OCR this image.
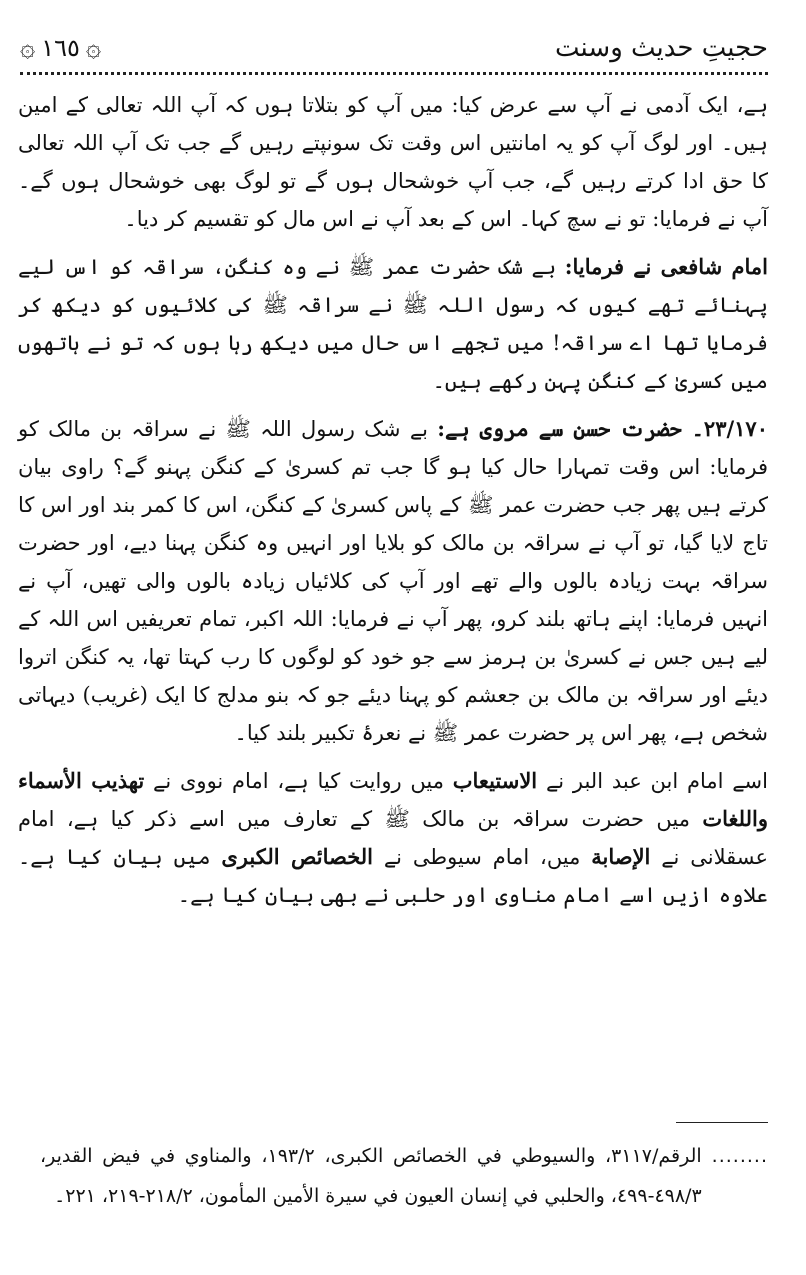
حجیتِ حدیث وسنت
۞ ١٦٥ ۞

ہے، ایک آدمی نے آپ سے عرض کیا: میں آپ کو بتلاتا ہوں کہ آپ اللہ تعالی کے امین ہیں۔ اور لوگ آپ کو یہ امانتیں اس وقت تک سونپتے رہیں گے جب تک آپ اللہ تعالی کا حق ادا کرتے رہیں گے، جب آپ خوشحال ہوں گے تو لوگ بھی خوشحال ہوں گے۔ آپ نے فرمایا: تو نے سچ کہا۔ اس کے بعد آپ نے اس مال کو تقسیم کر دیا۔

امام شافعی نے فرمایا: بے شک حضرت عمر ﷺ نے وہ کنگن، سراقہ کو اس لیے پہنائے تھے کیوں کہ رسول اللہ ﷺ نے سراقہ ﷺ کی کلائیوں کو دیکھ کر فرمایا تھا اے سراقہ! میں تجھے اس حال میں دیکھ رہا ہوں کہ تو نے ہاتھوں میں کسریٰ کے کنگن پہن رکھے ہیں۔

٢٣/١٧٠۔ حضرت حسن سے مروی ہے: بے شک رسول اللہ ﷺ نے سراقہ بن مالک کو فرمایا: اس وقت تمہارا حال کیا ہو گا جب تم کسریٰ کے کنگن پہنو گے؟ راوی بیان کرتے ہیں پھر جب حضرت عمر ﷺ کے پاس کسریٰ کے کنگن، اس کا کمر بند اور اس کا تاج لایا گیا، تو آپ نے سراقہ بن مالک کو بلایا اور انہیں وہ کنگن پہنا دیے، اور حضرت سراقہ بہت زیادہ بالوں والے تھے اور آپ کی کلائیاں زیادہ بالوں والی تھیں، آپ نے انہیں فرمایا: اپنے ہاتھ بلند کرو، پھر آپ نے فرمایا: اللہ اکبر، تمام تعریفیں اس اللہ کے لیے ہیں جس نے کسریٰ بن ہرمز سے جو خود کو لوگوں کا رب کہتا تھا، یہ کنگن اتروا دیئے اور سراقہ بن مالک بن جعشم کو پہنا دیئے جو کہ بنو مدلج کا ایک (غریب) دیہاتی شخص ہے، پھر اس پر حضرت عمر ﷺ نے نعرۂ تکبیر بلند کیا۔

اسے امام ابن عبد البر نے الاستیعاب میں روایت کیا ہے، امام نووی نے تهذيب الأسماء واللغات میں حضرت سراقہ بن مالک ﷺ کے تعارف میں اسے ذکر کیا ہے، امام عسقلانی نے الإصابة میں، امام سیوطی نے الخصائص الكبرى میں بیان کیا ہے۔ علاوہ ازیں اسے امام مناوی اور حلبی نے بھی بیان کیا ہے۔

........
الرقم/٣١١٧، والسيوطي في الخصائص الكبرى، ١٩٣/٢، والمناوي في فيض القدير، ٤٩٨/٣-٤٩٩، والحلبي في إنسان العيون في سيرة الأمين المأمون، ٢١٨/٢-٢١٩، ٢٢١۔
